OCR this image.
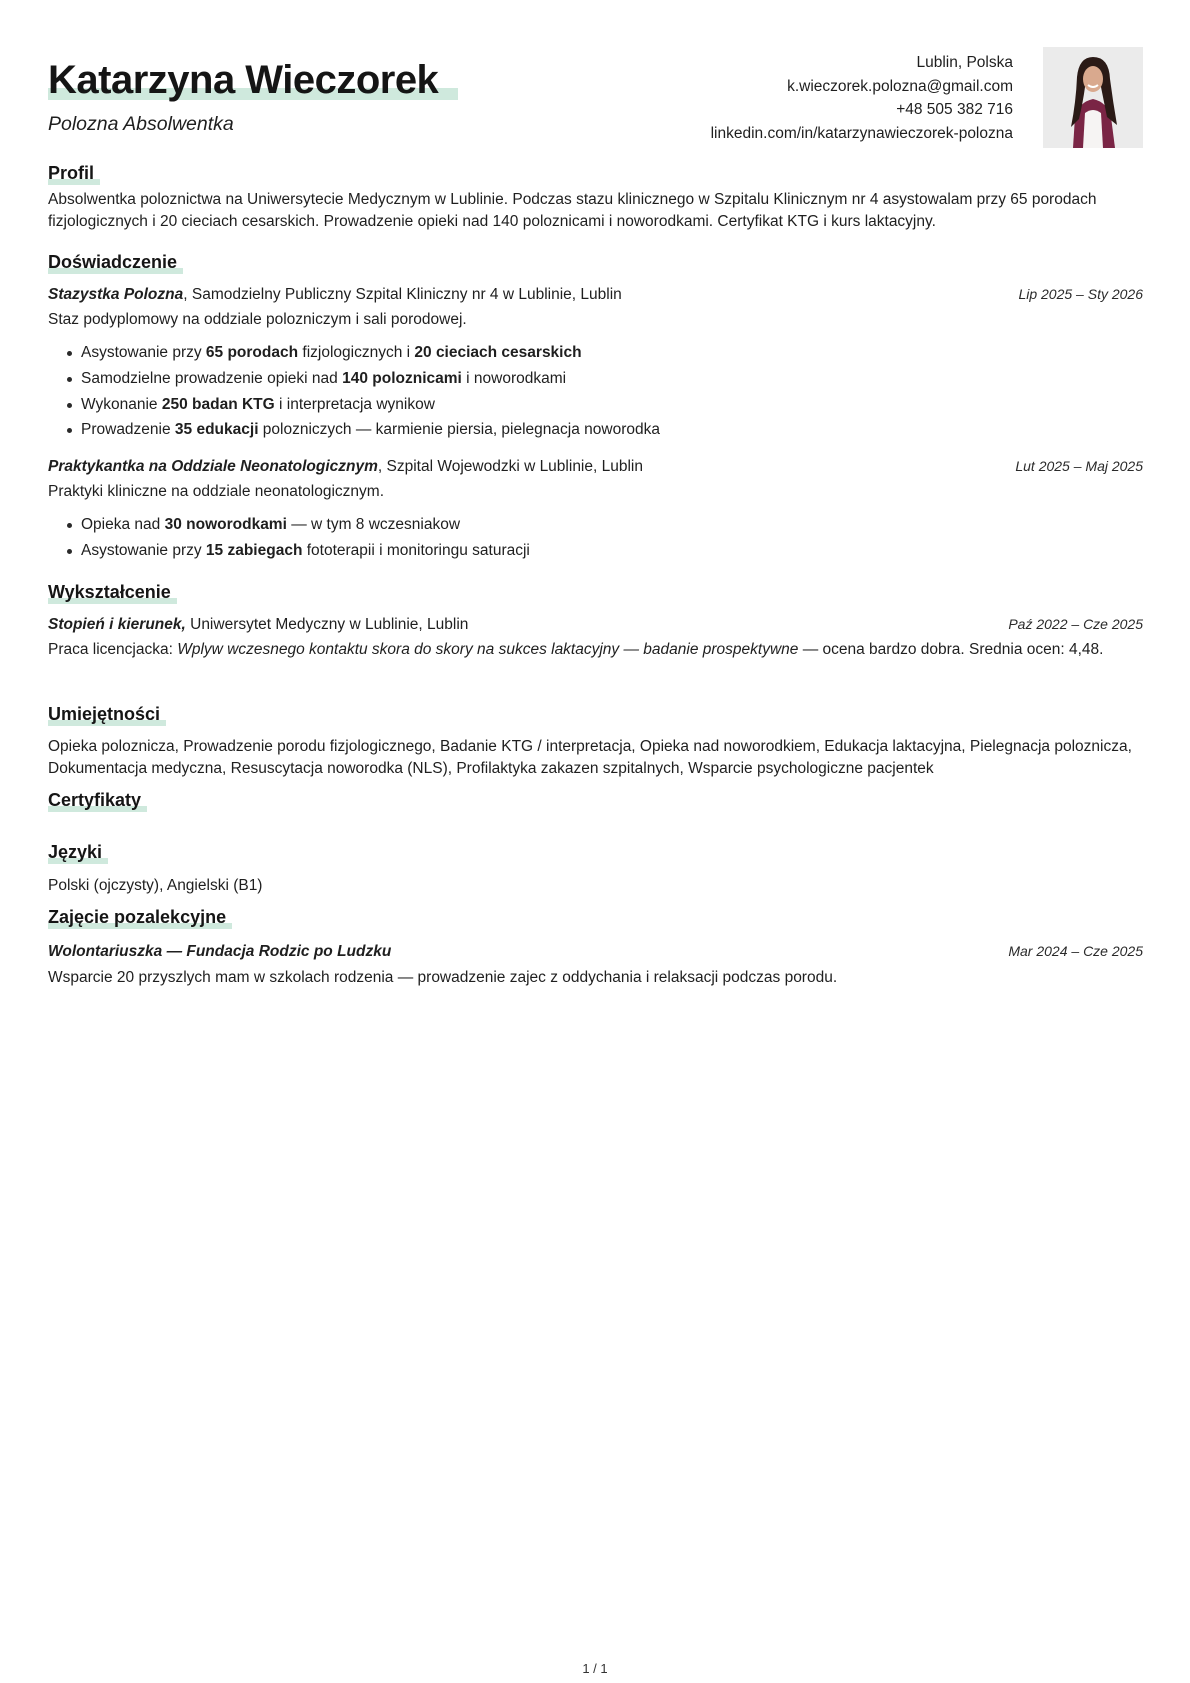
Katarzyna Wieczorek
Polozna Absolwentka
Lublin, Polska
k.wieczorek.polozna@gmail.com
+48 505 382 716
linkedin.com/in/katarzynawieczorek-polozna
Profil
Absolwentka poloznictwa na Uniwersytecie Medycznym w Lublinie. Podczas stazu klinicznego w Szpitalu Klinicznym nr 4 asystowalam przy 65 porodach fizjologicznych i 20 cieciach cesarskich. Prowadzenie opieki nad 140 poloznicami i noworodkami. Certyfikat KTG i kurs laktacyjny.
Doświadczenie
Stazystka Polozna, Samodzielny Publiczny Szpital Kliniczny nr 4 w Lublinie, Lublin	Lip 2025 – Sty 2026
Staz podyplomowy na oddziale polozniczym i sali porodowej.
Asystowanie przy 65 porodach fizjologicznych i 20 cieciach cesarskich
Samodzielne prowadzenie opieki nad 140 poloznicami i noworodkami
Wykonanie 250 badan KTG i interpretacja wynikow
Prowadzenie 35 edukacji polozniczych — karmienie piersia, pielegnacja noworodka
Praktykantka na Oddziale Neonatologicznym, Szpital Wojewodzki w Lublinie, Lublin	Lut 2025 – Maj 2025
Praktyki kliniczne na oddziale neonatologicznym.
Opieka nad 30 noworodkami — w tym 8 wczesniakow
Asystowanie przy 15 zabiegach fototerapii i monitoringu saturacji
Wykształcenie
Stopień i kierunek, Uniwersytet Medyczny w Lublinie, Lublin	Paź 2022 – Cze 2025
Praca licencjacka: Wplyw wczesnego kontaktu skora do skory na sukces laktacyjny — badanie prospektywne — ocena bardzo dobra. Srednia ocen: 4,48.
Umiejętności
Opieka poloznicza, Prowadzenie porodu fizjologicznego, Badanie KTG / interpretacja, Opieka nad noworodkiem, Edukacja laktacyjna, Pielegnacja poloznicza, Dokumentacja medyczna, Resuscytacja noworodka (NLS), Profilaktyka zakazen szpitalnych, Wsparcie psychologiczne pacjentek
Certyfikaty
Języki
Polski (ojczysty), Angielski (B1)
Zajęcie pozalekcyjne
Wolontariuszka — Fundacja Rodzic po Ludzku	Mar 2024 – Cze 2025
Wsparcie 20 przyszlych mam w szkolach rodzenia — prowadzenie zajec z oddychania i relaksacji podczas porodu.
1 / 1
